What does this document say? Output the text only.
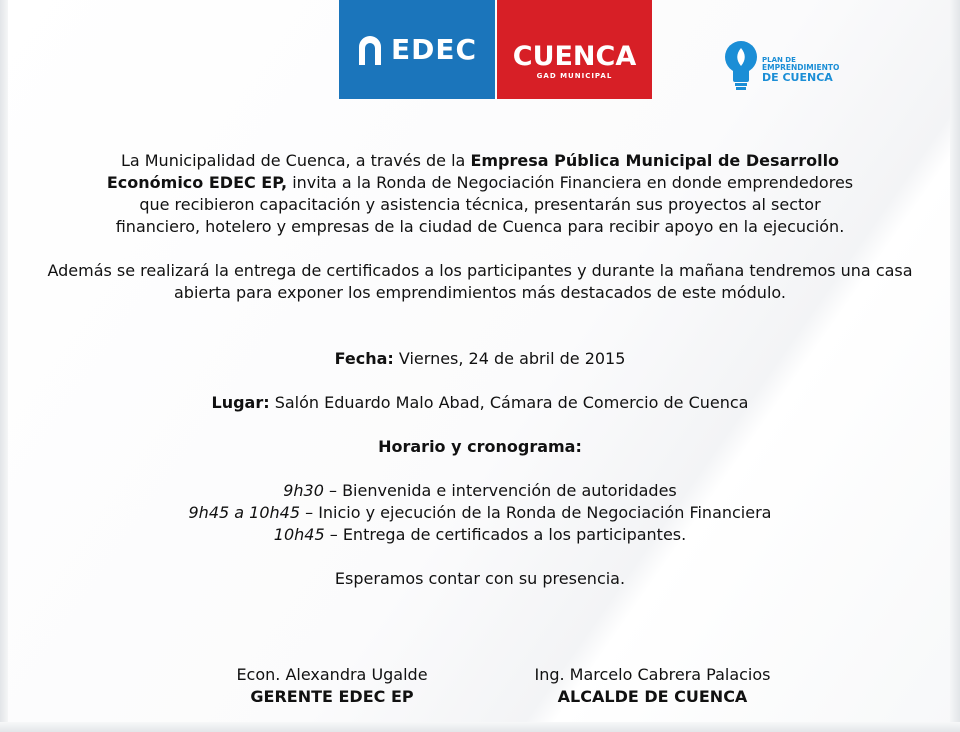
EDEC	CUENCA
GAD MUNICIPAL
PLAN DE
EMPRENDIMIENTO
DE CUENCA
La Municipalidad de Cuenca, a través de la Empresa Pública Municipal de Desarrollo Económico EDEC EP, invita a la Ronda de Negociación Financiera en donde emprendedores que recibieron capacitación y asistencia técnica, presentarán sus proyectos al sector financiero, hotelero y empresas de la ciudad de Cuenca para recibir apoyo en la ejecución.
Además se realizará la entrega de certificados a los participantes y durante la mañana tendremos una casa abierta para exponer los emprendimientos más destacados de este módulo.
Fecha: Viernes, 24 de abril de 2015
Lugar: Salón Eduardo Malo Abad, Cámara de Comercio de Cuenca
Horario y cronograma:
9h30 – Bienvenida e intervención de autoridades
9h45 a 10h45 – Inicio y ejecución de la Ronda de Negociación Financiera
10h45 – Entrega de certificados a los participantes.
Esperamos contar con su presencia.
Econ. Alexandra Ugalde
GERENTE EDEC EP
Ing. Marcelo Cabrera Palacios
ALCALDE DE CUENCA
